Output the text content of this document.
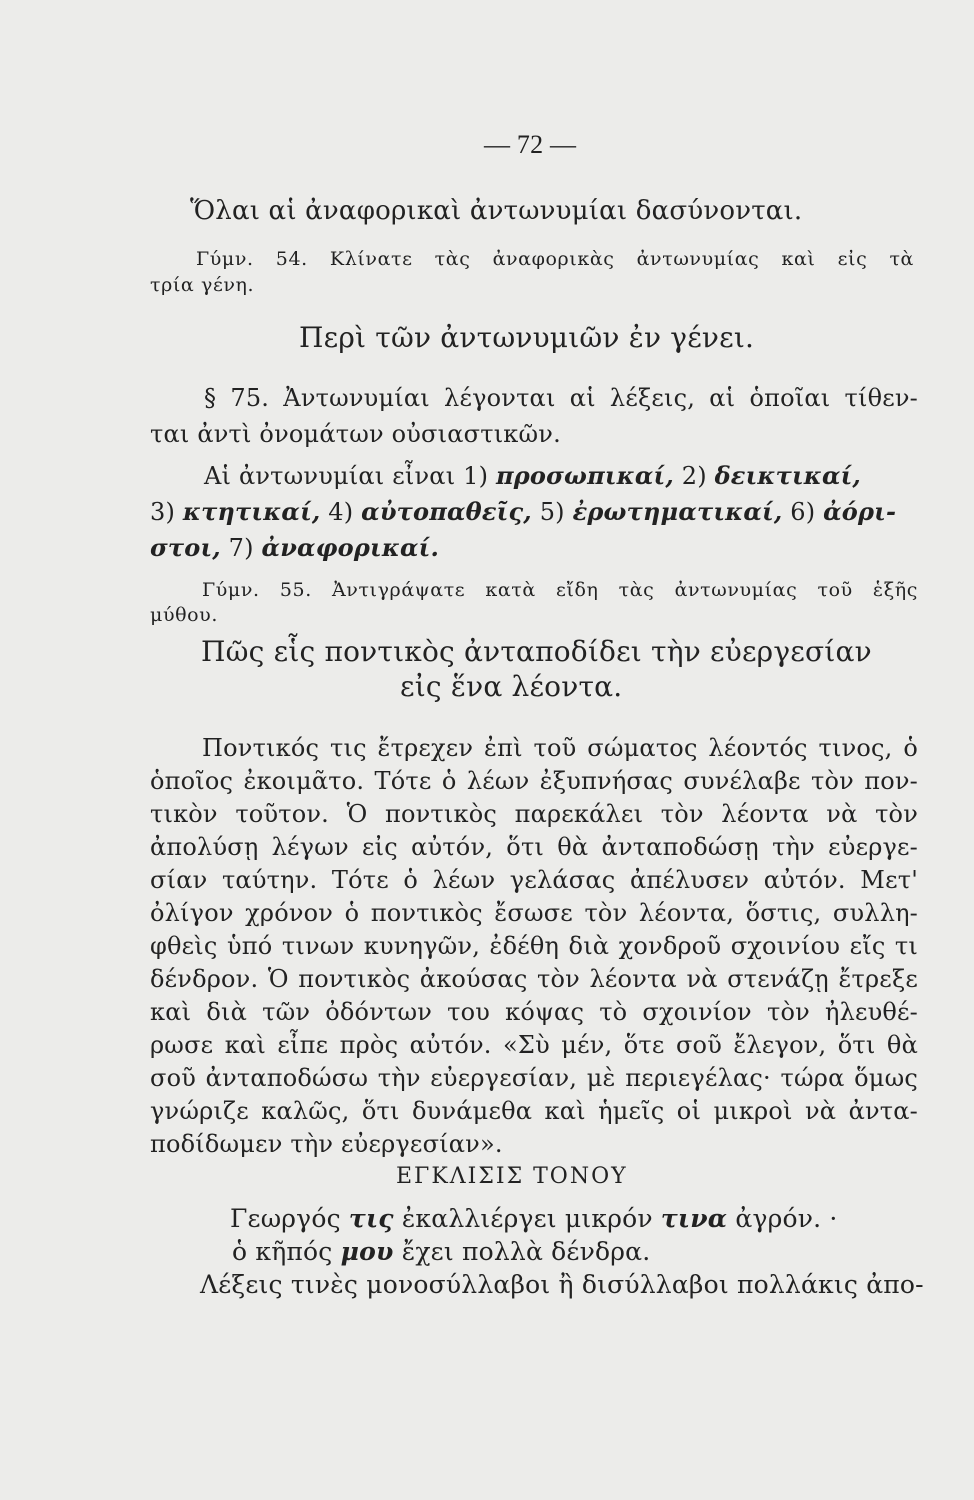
— 72 —
Ὅλαι αἱ ἀναφορικαὶ ἀντωνυμίαι δασύνονται.
Γύμν. 54. Κλίνατε τὰς ἀναφορικὰς ἀντωνυμίας καὶ εἰς τὰ
τρία γένη.
Περὶ τῶν ἀντωνυμιῶν ἐν γένει.
§ 75. Ἀντωνυμίαι λέγονται αἱ λέξεις, αἱ ὁποῖαι τίθεν-
ται ἀντὶ ὀνομάτων οὐσιαστικῶν.
Αἱ ἀντωνυμίαι εἶναι 1) προσωπικαί, 2) δεικτικαί,
3) κτητικαί, 4) αὐτοπαθεῖς, 5) ἐρωτηματικαί, 6) ἀόρι-
στοι, 7) ἀναφορικαί.
Γύμν. 55. Ἀντιγράψατε κατὰ εἴδη τὰς ἀντωνυμίας τοῦ ἑξῆς
μύθου.
Πῶς εἷς ποντικὸς ἀνταποδίδει τὴν εὐεργεσίαν
εἰς ἕνα λέοντα.
Ποντικός τις ἔτρεχεν ἐπὶ τοῦ σώματος λέοντός τινος, ὁ
ὁποῖος ἐκοιμᾶτο. Τότε ὁ λέων ἐξυπνήσας συνέλαβε τὸν πον-
τικὸν τοῦτον. Ὁ ποντικὸς παρεκάλει τὸν λέοντα νὰ τὸν
ἀπολύσῃ λέγων εἰς αὐτόν, ὅτι θὰ ἀνταποδώσῃ τὴν εὐεργε-
σίαν ταύτην. Τότε ὁ λέων γελάσας ἀπέλυσεν αὐτόν. Μετ'
ὀλίγον χρόνον ὁ ποντικὸς ἔσωσε τὸν λέοντα, ὅστις, συλλη-
φθεὶς ὑπό τινων κυνηγῶν, ἐδέθη διὰ χονδροῦ σχοινίου εἴς τι
δένδρον. Ὁ ποντικὸς ἀκούσας τὸν λέοντα νὰ στενάζῃ ἔτρεξε
καὶ διὰ τῶν ὀδόντων του κόψας τὸ σχοινίον τὸν ἠλευθέ-
ρωσε καὶ εἶπε πρὸς αὐτόν. «Σὺ μέν, ὅτε σοῦ ἔλεγον, ὅτι θὰ
σοῦ ἀνταποδώσω τὴν εὐεργεσίαν, μὲ περιεγέλας· τώρα ὅμως
γνώριζε καλῶς, ὅτι δυνάμεθα καὶ ἡμεῖς οἱ μικροὶ νὰ ἀντα-
ποδίδωμεν τὴν εὐεργεσίαν».
ΕΓΚΛΙΣΙΣ ΤΟΝΟΥ
Γεωργός τις ἐκαλλιέργει μικρόν τινα ἀγρόν. ·
ὁ κῆπός μου ἔχει πολλὰ δένδρα.
Λέξεις τινὲς μονοσύλλαβοι ἢ δισύλλαβοι πολλάκις ἀπο-
